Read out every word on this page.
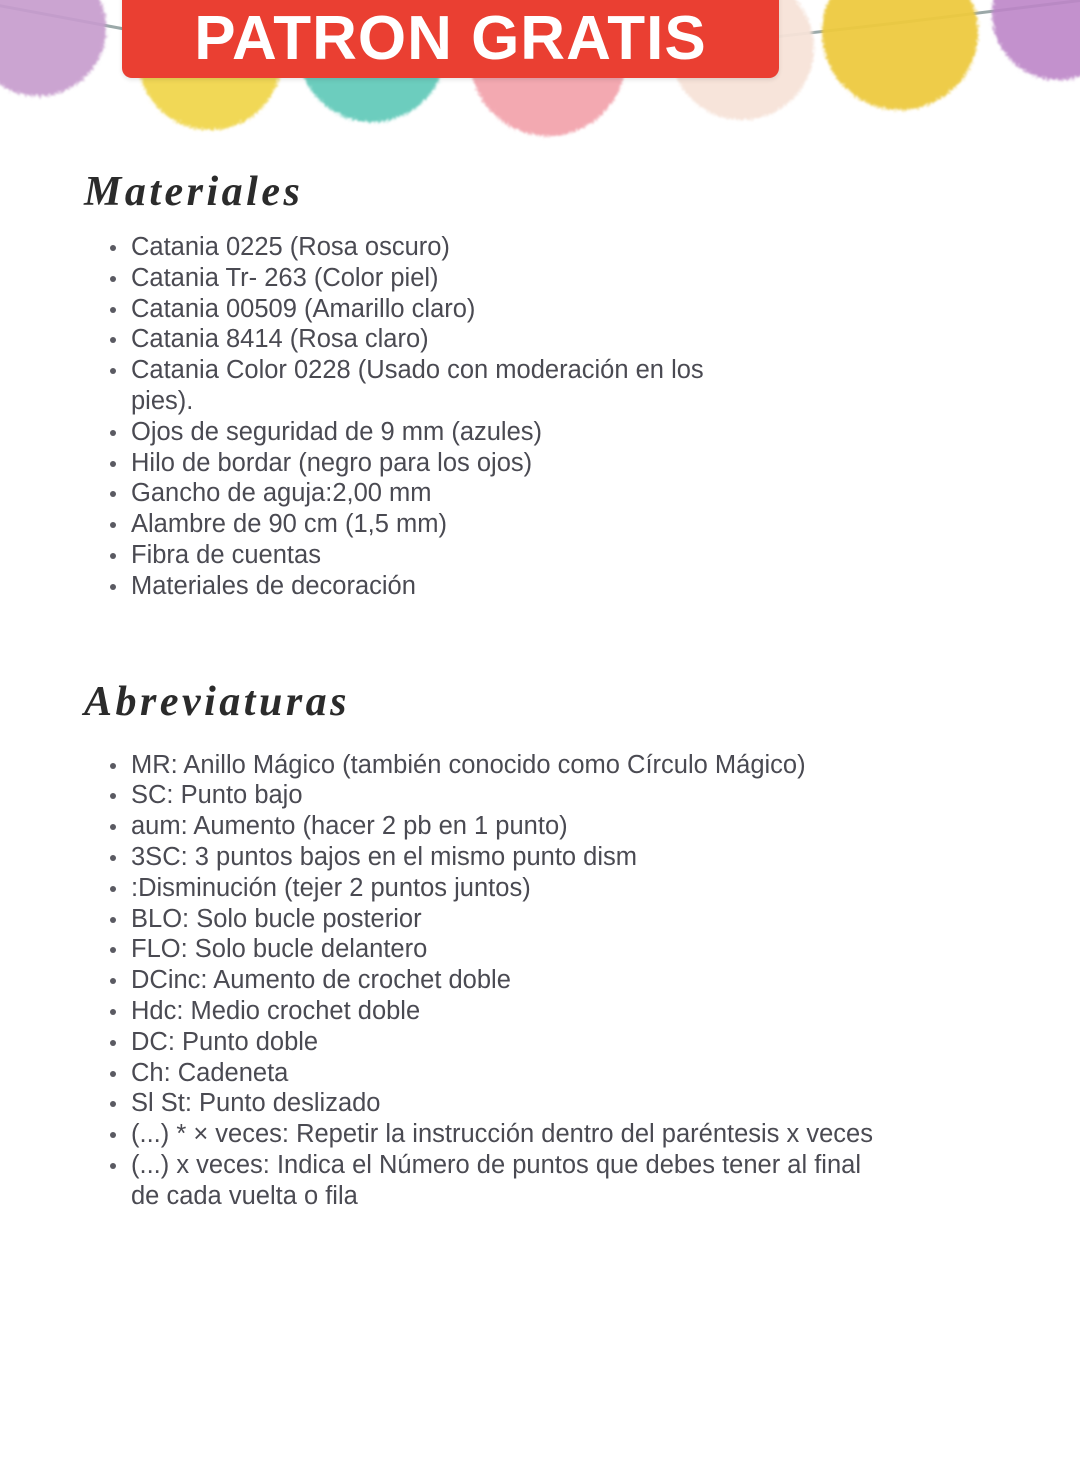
PATRON GRATIS
Materiales
Catania 0225 (Rosa oscuro)
Catania Tr- 263 (Color piel)
Catania 00509 (Amarillo claro)
Catania 8414 (Rosa claro)
Catania Color 0228 (Usado con moderación en los pies).
Ojos de seguridad de 9 mm (azules)
Hilo de bordar (negro para los ojos)
Gancho de aguja:2,00 mm
Alambre de 90 cm (1,5 mm)
Fibra de cuentas
Materiales de decoración
Abreviaturas
MR: Anillo Mágico (también conocido como Círculo Mágico)
SC: Punto bajo
aum: Aumento (hacer 2 pb en 1 punto)
3SC: 3 puntos bajos en el mismo punto dism
:Disminución (tejer 2 puntos juntos)
BLO: Solo bucle posterior
FLO: Solo bucle delantero
DCinc: Aumento de crochet doble
Hdc: Medio crochet doble
DC: Punto doble
Ch: Cadeneta
Sl St: Punto deslizado
(...) * × veces: Repetir la instrucción dentro del paréntesis x veces
(...) x veces: Indica el Número de puntos que debes tener al final de cada vuelta o fila
